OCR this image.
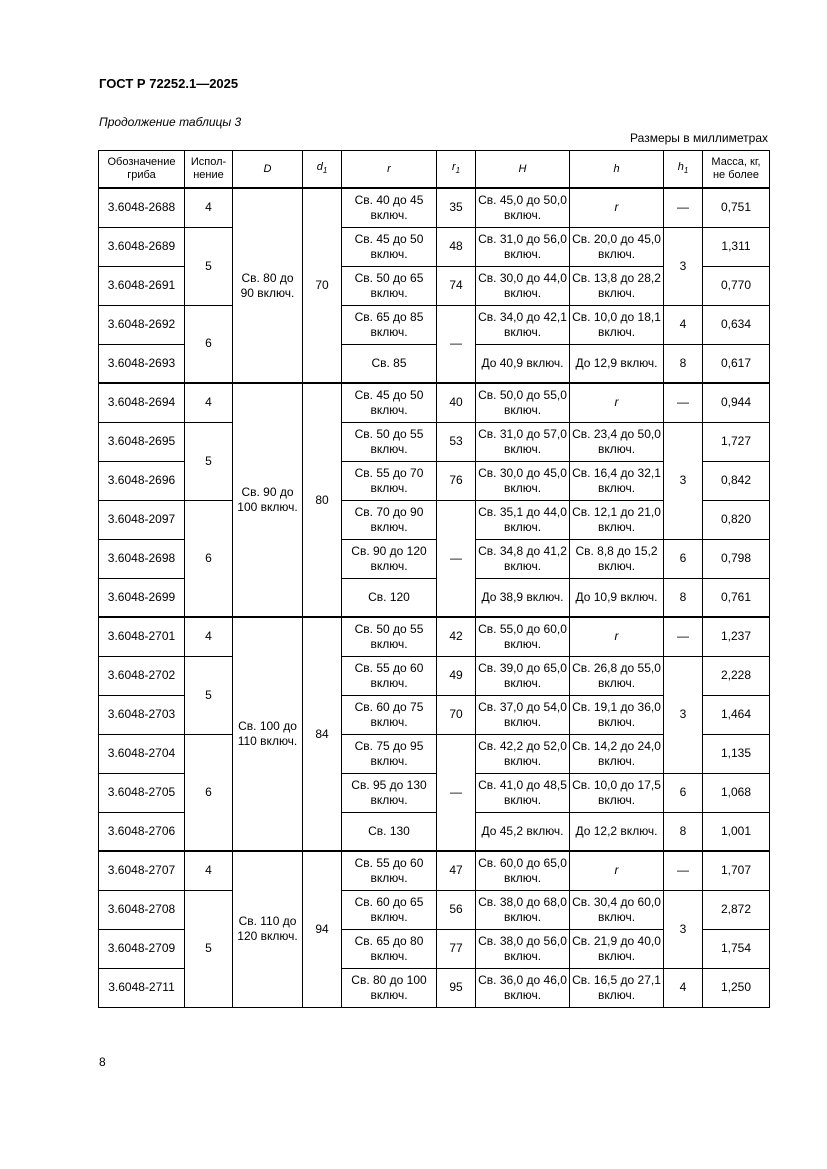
ГОСТ Р 72252.1—2025
Продолжение таблицы 3
Размеры в миллиметрах
Обозначение гриба	Испол-нение	D	$d_1$	r	$r_1$	H	h	$h_1$	Масса, кг, не более
3.6048-2688	4	Св. 80 до 90 включ.	70	Св. 40 до 45 включ.	35	Св. 45,0 до 50,0 включ.	r	—	0,751
3.6048-2689	5			Св. 45 до 50 включ.	48	Св. 31,0 до 56,0 включ.	Св. 20,0 до 45,0 включ.	3	1,311
3.6048-2691				Св. 50 до 65 включ.	74	Св. 30,0 до 44,0 включ.	Св. 13,8 до 28,2 включ.		0,770
3.6048-2692	6			Св. 65 до 85 включ.	—	Св. 34,0 до 42,1 включ.	Св. 10,0 до 18,1 включ.	4	0,634
3.6048-2693				Св. 85		До 40,9 включ.	До 12,9 включ.	8	0,617
3.6048-2694	4	Св. 90 до 100 включ.	80	Св. 45 до 50 включ.	40	Св. 50,0 до 55,0 включ.	r	—	0,944
3.6048-2695	5			Св. 50 до 55 включ.	53	Св. 31,0 до 57,0 включ.	Св. 23,4 до 50,0 включ.	3	1,727
3.6048-2696				Св. 55 до 70 включ.	76	Св. 30,0 до 45,0 включ.	Св. 16,4 до 32,1 включ.		0,842
3.6048-2097	6			Св. 70 до 90 включ.	—	Св. 35,1 до 44,0 включ.	Св. 12,1 до 21,0 включ.		0,820
3.6048-2698				Св. 90 до 120 включ.		Св. 34,8 до 41,2 включ.	Св. 8,8 до 15,2 включ.	6	0,798
3.6048-2699				Св. 120		До 38,9 включ.	До 10,9 включ.	8	0,761
3.6048-2701	4	Св. 100 до 110 включ.	84	Св. 50 до 55 включ.	42	Св. 55,0 до 60,0 включ.	r	—	1,237
3.6048-2702	5			Св. 55 до 60 включ.	49	Св. 39,0 до 65,0 включ.	Св. 26,8 до 55,0 включ.	3	2,228
3.6048-2703				Св. 60 до 75 включ.	70	Св. 37,0 до 54,0 включ.	Св. 19,1 до 36,0 включ.		1,464
3.6048-2704	6			Св. 75 до 95 включ.	—	Св. 42,2 до 52,0 включ.	Св. 14,2 до 24,0 включ.		1,135
3.6048-2705				Св. 95 до 130 включ.		Св. 41,0 до 48,5 включ.	Св. 10,0 до 17,5 включ.	6	1,068
3.6048-2706				Св. 130		До 45,2 включ.	До 12,2 включ.	8	1,001
3.6048-2707	4	Св. 110 до 120 включ.	94	Св. 55 до 60 включ.	47	Св. 60,0 до 65,0 включ.	r	—	1,707
3.6048-2708	5			Св. 60 до 65 включ.	56	Св. 38,0 до 68,0 включ.	Св. 30,4 до 60,0 включ.	3	2,872
3.6048-2709				Св. 65 до 80 включ.	77	Св. 38,0 до 56,0 включ.	Св. 21,9 до 40,0 включ.		1,754
3.6048-2711				Св. 80 до 100 включ.	95	Св. 36,0 до 46,0 включ.	Св. 16,5 до 27,1 включ.	4	1,250
8
